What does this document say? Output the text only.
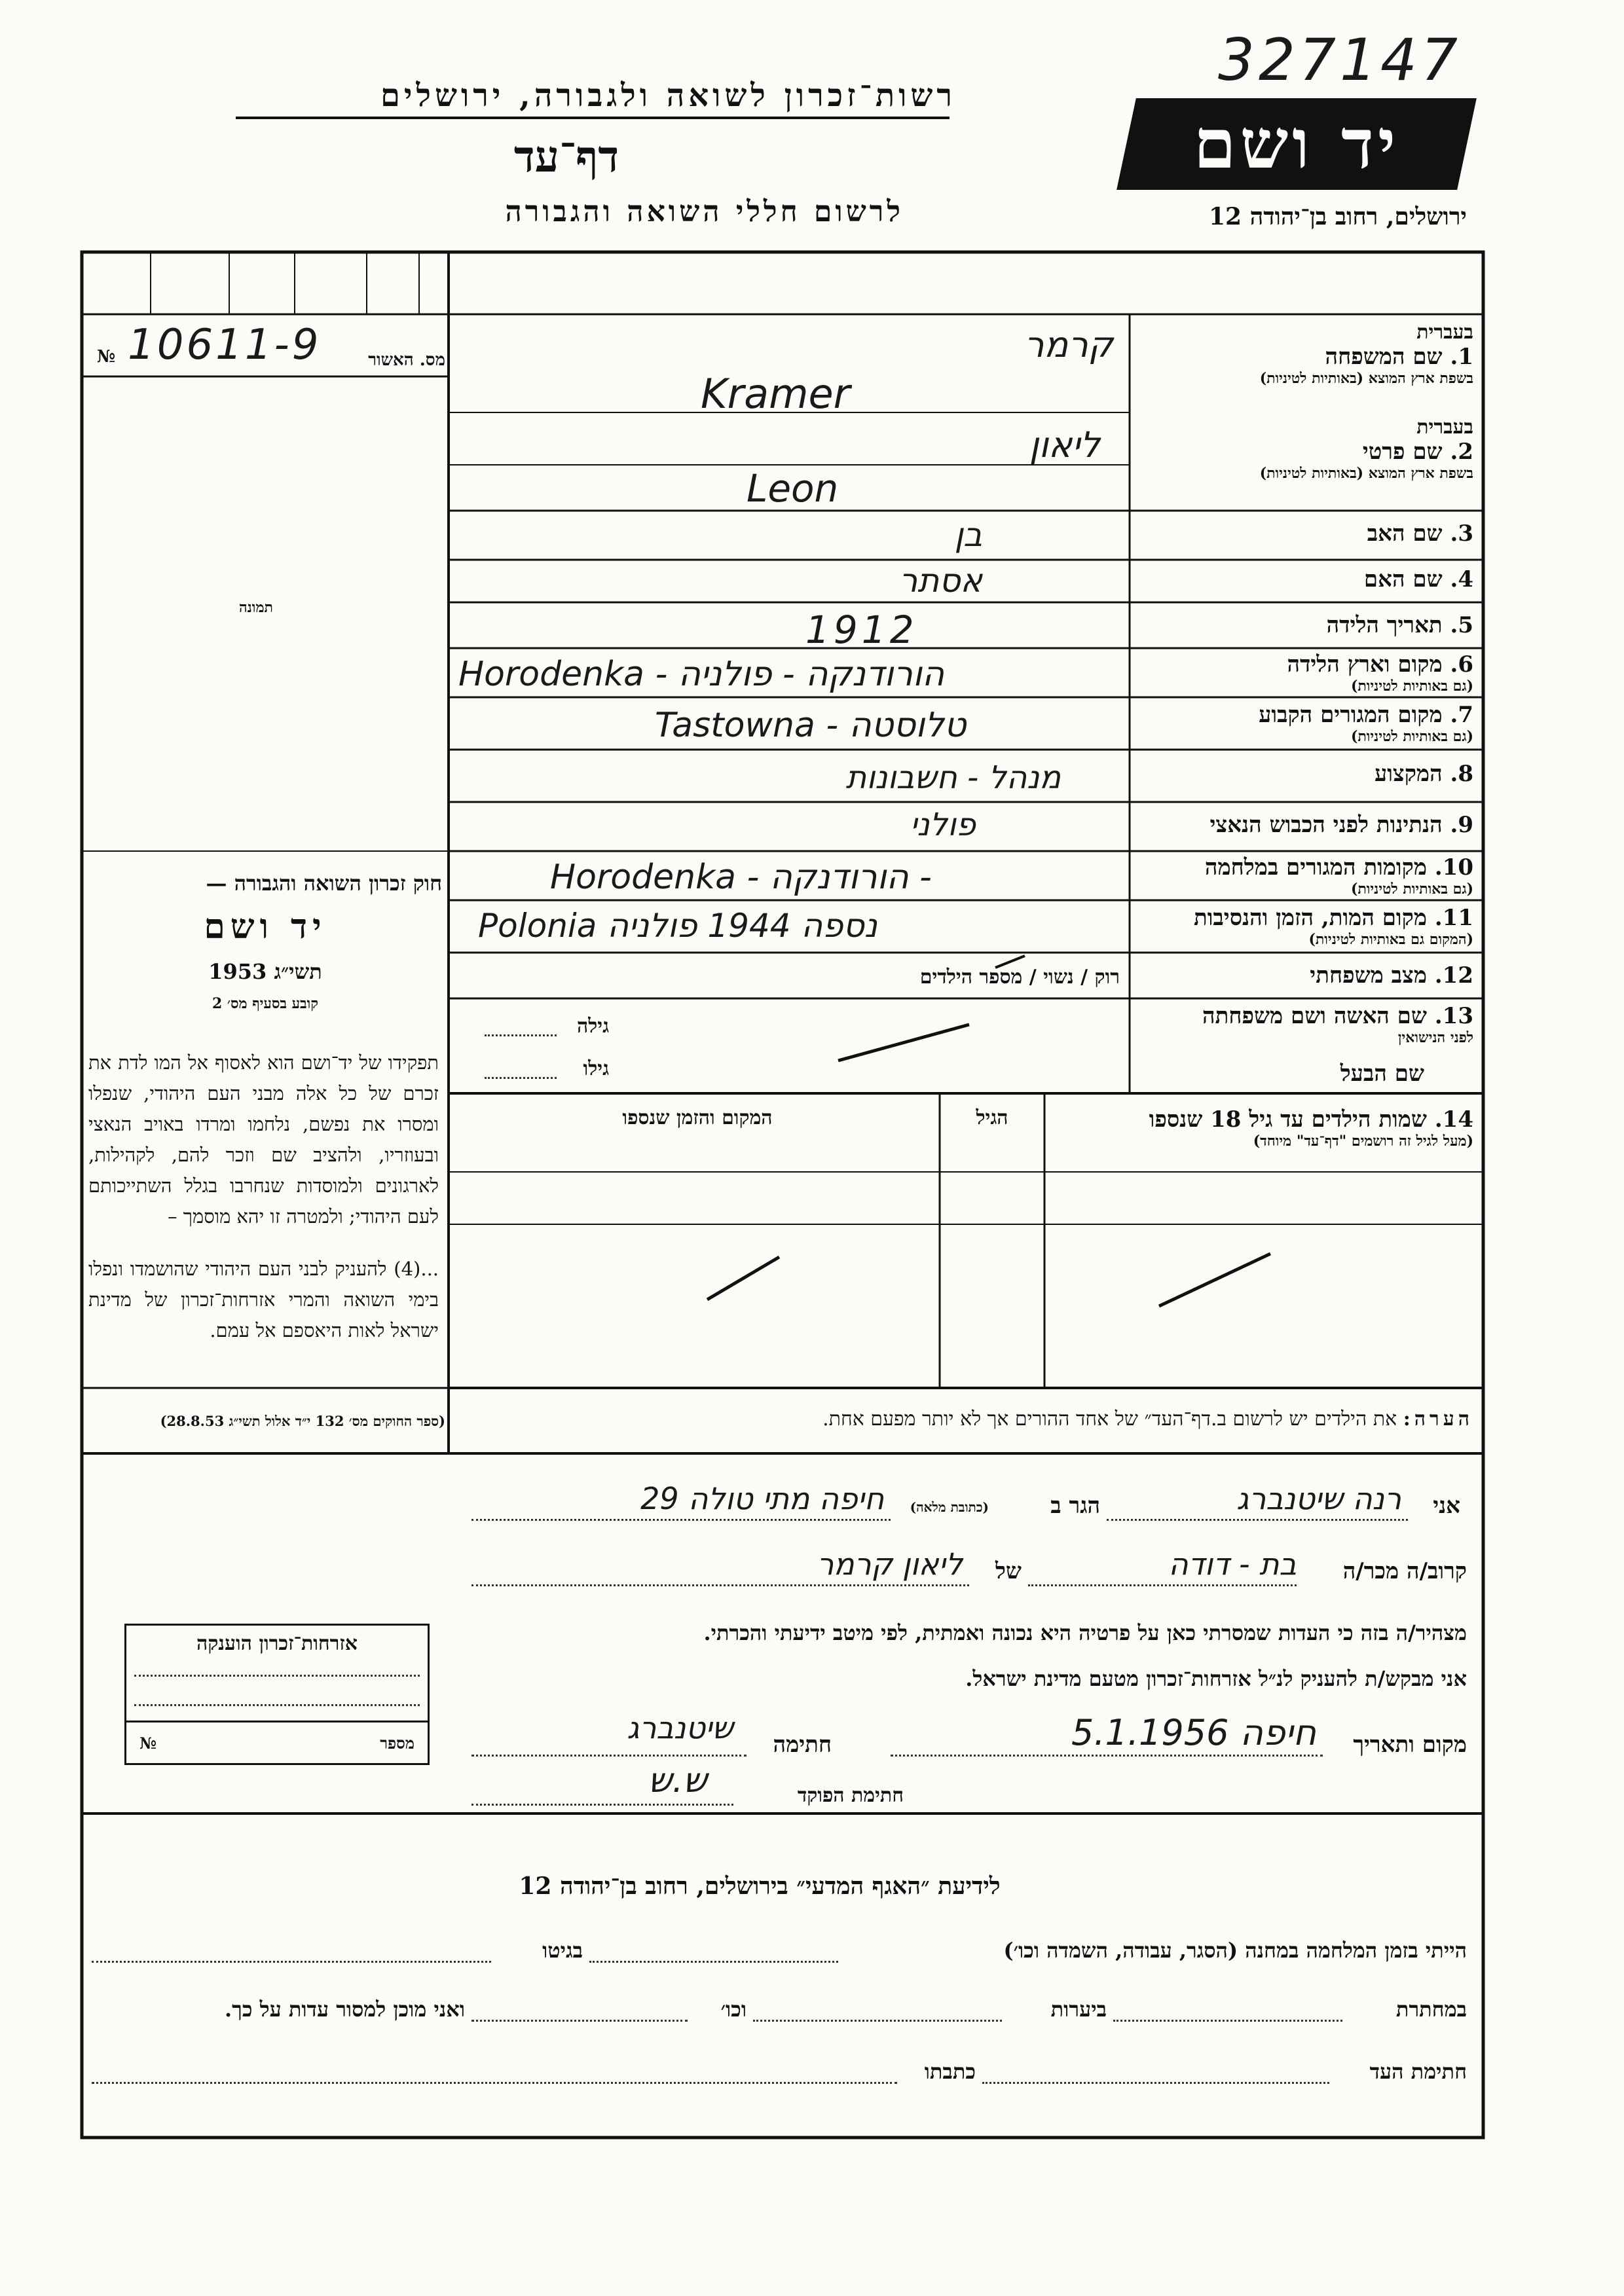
רשות־זכרון לשואה ולגבורה, ירושלים
דף־עד
לרשום חללי השואה והגבורה
327147
יד ושם
ירושלים, רחוב בן־יהודה 12
№ 10611-9	מס. האשור
תמונה
בעברית
1. שם המשפחה
בשפת ארץ המוצא (באותיות לטיניות)
בעברית
2. שם פרטי
בשפת ארץ המוצא (באותיות לטיניות)
3. שם האב
4. שם האם
5. תאריך הלידה
6. מקום וארץ הלידה
(גם באותיות לטיניות)
7. מקום המגורים הקבוע
(גם באותיות לטיניות)
8. המקצוע
9. הנתינות לפני הכבוש הנאצי
10. מקומות המגורים במלחמה
(גם באותיות לטיניות)
11. מקום המות, הזמן והנסיבות
(המקום גם באותיות לטיניות)
12. מצב משפחתי
רוק / נשוי / מספר הילדים
13. שם האשה ושם משפחתה
לפני הנישואין
גילה
שם הבעל
גילו
14. שמות הילדים עד גיל 18 שנספו
(מעל לגיל זה רושמים "דף־עד" מיוחד)
הגיל
המקום והזמן שנספו
קרמר
Kramer
ליאון
Leon
בן
אסתר
1912
Horodenka - הורודנקה - פולניה
Tastowna - טלוסטה
מנהל - חשבונות
פולני
Horodenka - הורודנקה -
Polonia נספה 1944 פולניה
חוק זכרון השואה והגבורה —
יד ושם
תשי״ג 1953
קובע בסעיף מס׳ 2
תפקידו של יד־ושם הוא לאסוף אל המו לדת את זכרם של כל אלה מבני העם היהודי, שנפלו ומסרו את נפשם, נלחמו ומרדו באויב הנאצי ובעוזריו, ולהציב שם וזכר להם, לקהילות, לארגונים ולמוסדות שנחרבו בגלל השתייכותם לעם היהודי; ולמטרה זו יהא מוסמך –
...(4) להעניק לבני העם היהודי שהושמדו ונפלו בימי השואה והמרי אזרחות־זכרון של מדינת ישראל לאות היאספם אל עמם.
(ספר החוקים מס׳ 132 י״ד אלול תשי״ג 28.8.53)	הערה: את הילדים יש לרשום ב.דף־העד״ של אחד ההורים אך לא יותר מפעם אחת.
אני
רנה שיטנברג
הגר ב
(כתובת מלאה)
חיפה מתי טולה 29
קרוב/ה מכר/ה
בת - דודה
של
ליאון קרמר
מצהיר/ה בזה כי העדות שמסרתי כאן על פרטיה היא נכונה ואמתית, לפי מיטב ידיעתי והכרתי.
אני מבקש/ת להעניק לנ״ל אזרחות־זכרון מטעם מדינת ישראל.
מקום ותאריך
חיפה 5.1.1956
חתימה
שיטנברג
חתימת הפוקד
ש.ש
אזרחות־זכרון הוענקה
מספר
№
לידיעת ״האגף המדעי״ בירושלים, רחוב בן־יהודה 12
הייתי בזמן המלחמה במחנה (הסגר, עבודה, השמדה וכו׳)
בגיטו
במחתרת
ביערות
וכו׳
ואני מוכן למסור עדות על כך.
חתימת העד
כתבתו
